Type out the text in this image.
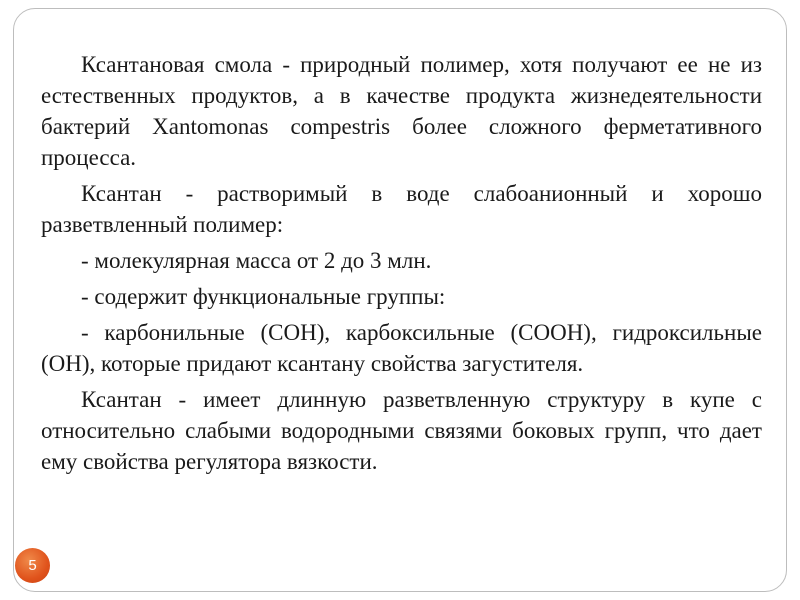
Ксантановая смола - природный полимер, хотя получают ее не из естественных продуктов, а в качестве продукта жизнедеятельности бактерий Xantomonas compestris более сложного ферметативного процесса.

Ксантан - растворимый в воде слабоанионный и хорошо разветвленный полимер:

- молекулярная масса от 2 до 3 млн.

- содержит функциональные группы:

- карбонильные (СОН), карбоксильные (СООН), гидроксильные (ОН), которые придают ксантану свойства загустителя.

Ксантан - имеет длинную разветвленную структуру в купе с относительно слабыми водородными связями боковых групп, что дает ему свойства регулятора вязкости.

5
